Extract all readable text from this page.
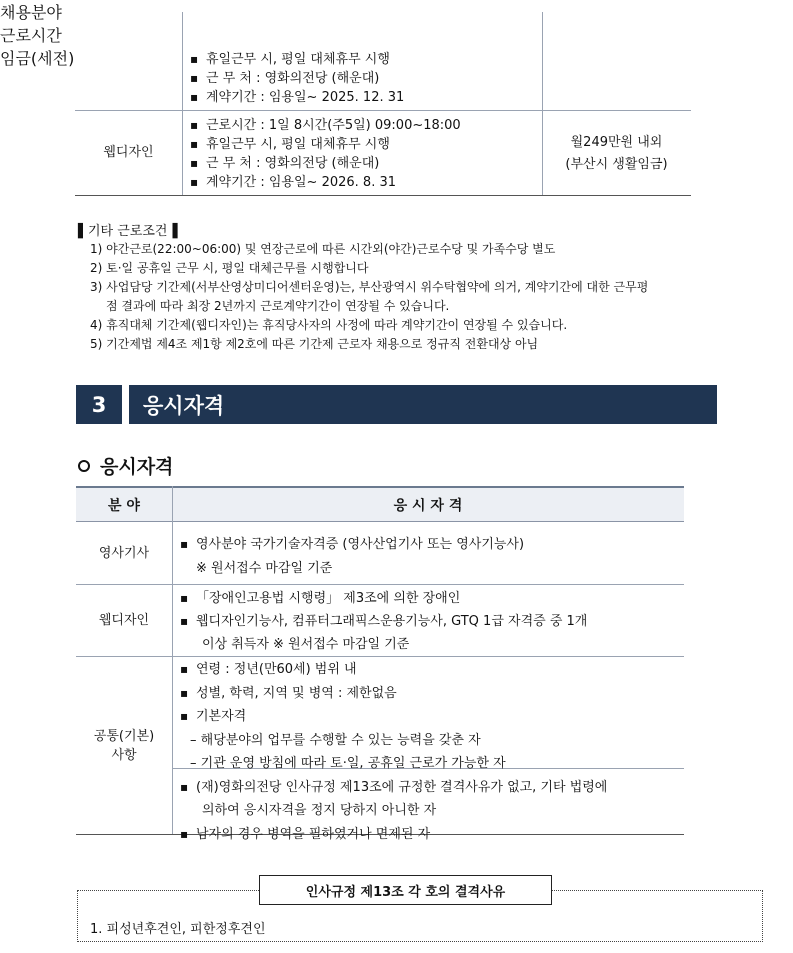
채용분야
근로시간
임금(세전)
▪	휴일근무 시, 평일 대체휴무 시행
▪ 근 무 처 : 영화의전당 (해운대)
▪ 계약기간 : 임용일~ 2025. 12. 31
웹디자인
▪ 근로시간 : 1일 8시간(주5일) 09:00~18:00
▪ 휴일근무 시, 평일 대체휴무 시행
▪ 근 무 처 : 영화의전당 (해운대)
▪ 계약기간 : 임용일~ 2026. 8. 31
월249만원 내외
(부산시 생활임금)
▌기타 근로조건▐
1) 야간근로(22:00~06:00) 및 연장근로에 따른 시간외(야간)근로수당 및 가족수당 별도
2) 토·일 공휴일 근무 시, 평일 대체근무를 시행합니다
3) 사업담당 기간제(서부산영상미디어센터운영)는, 부산광역시 위수탁협약에 의거, 계약기간에 대한 근무평
점 결과에 따라 최장 2년까지 근로계약기간이 연장될 수 있습니다.
4) 휴직대체 기간제(웹디자인)는 휴직당사자의 사정에 따라 계약기간이 연장될 수 있습니다.
5) 기간제법 제4조 제1항 제2호에 따른 기간제 근로자 채용으로 정규직 전환대상 아님
3	응시자격
응시자격
분 야	응 시 자 격
영사기사
▪ 영사분야 국가기술자격증 (영사산업기사 또는 영사기능사)
※ 원서접수 마감일 기준
웹디자인
▪ 「장애인고용법 시행령」 제3조에 의한 장애인
▪ 웹디자인기능사, 컴퓨터그래픽스운용기능사, GTQ 1급 자격증 중 1개
이상 취득자 ※ 원서접수 마감일 기준
공통(기본)
사항
▪ 연령 : 정년(만60세) 범위 내
▪ 성별, 학력, 지역 및 병역 : 제한없음
▪ 기본자격
– 해당분야의 업무를 수행할 수 있는 능력을 갖춘 자
– 기관 운영 방침에 따라 토·일, 공휴일 근로가 가능한 자
▪ (재)영화의전당 인사규정 제13조에 규정한 결격사유가 없고, 기타 법령에
의하여 응시자격을 정지 당하지 아니한 자
▪ 남자의 경우 병역을 필하였거나 면제된 자
인사규정 제13조 각 호의 결격사유
1. 피성년후견인, 피한정후견인
